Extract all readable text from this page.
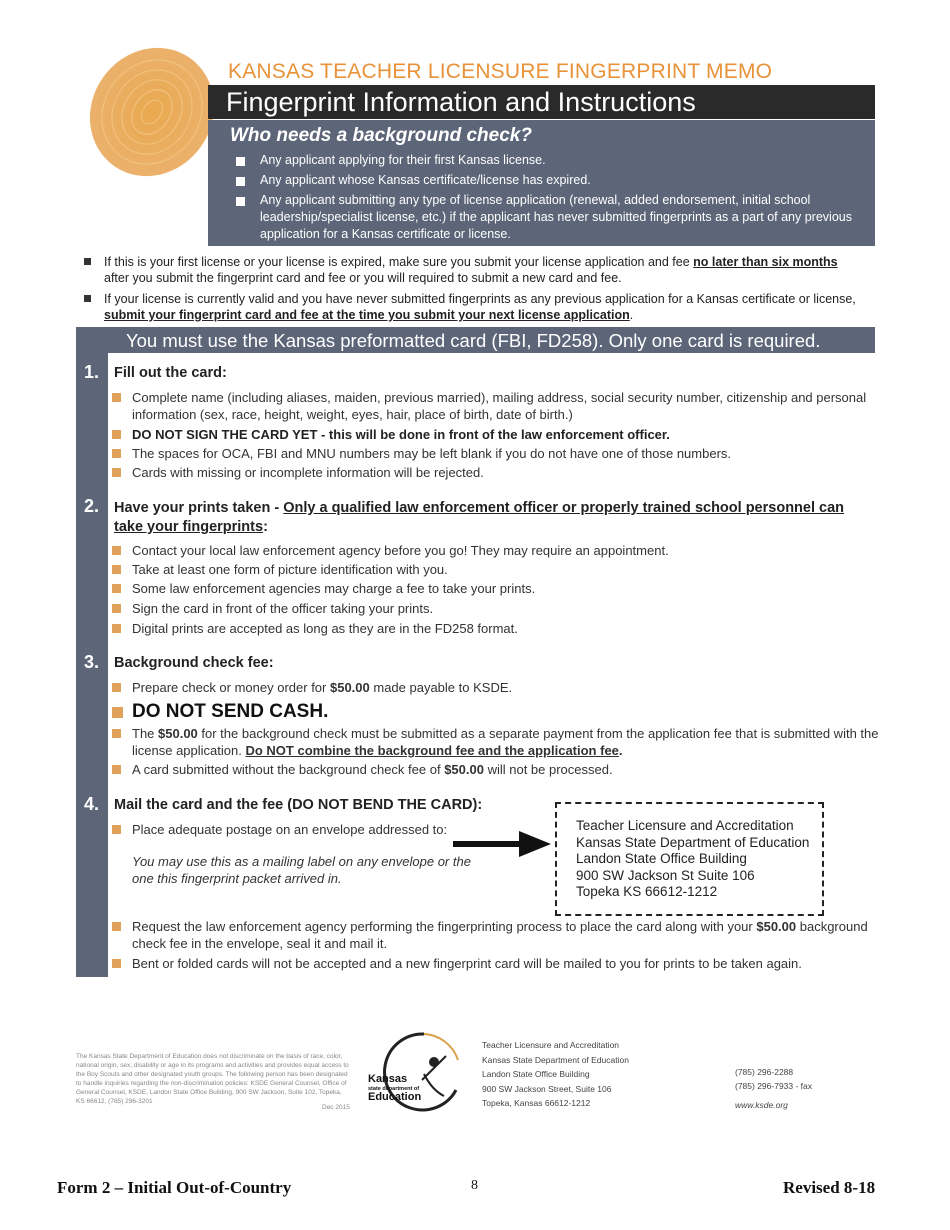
KANSAS TEACHER LICENSURE FINGERPRINT MEMO
Fingerprint Information and Instructions
Who needs a background check?
Any applicant applying for their first Kansas license.
Any applicant whose Kansas certificate/license has expired.
Any applicant submitting any type of license application (renewal, added endorsement, initial school leadership/specialist license, etc.) if the applicant has never submitted fingerprints as a part of any previous application for a Kansas certificate or license.
If this is your first license or your license is expired, make sure you submit your license application and fee no later than six months after you submit the fingerprint card and fee or you will required to submit a new card and fee.
If your license is currently valid and you have never submitted fingerprints as any previous application for a Kansas certificate or license, submit your fingerprint card and fee at the time you submit your next license application.
You must use the Kansas preformatted card (FBI, FD258). Only one card is required.
1.	Fill out the card:
Complete name (including aliases, maiden, previous married), mailing address, social security number, citizenship and personal information (sex, race, height, weight, eyes, hair, place of birth, date of birth.)
DO NOT SIGN THE CARD YET - this will be done in front of the law enforcement officer.
The spaces for OCA, FBI and MNU numbers may be left blank if you do not have one of those numbers.
Cards with missing or incomplete information will be rejected.
2.	Have your prints taken - Only a qualified law enforcement officer or properly trained school personnel can take your fingerprints:
Contact your local law enforcement agency before you go! They may require an appointment.
Take at least one form of picture identification with you.
Some law enforcement agencies may charge a fee to take your prints.
Sign the card in front of the officer taking your prints.
Digital prints are accepted as long as they are in the FD258 format.
3.	Background check fee:
Prepare check or money order for $50.00 made payable to KSDE.
DO NOT SEND CASH.
The $50.00 for the background check must be submitted as a separate payment from the application fee that is submitted with the license application. Do NOT combine the background fee and the application fee.
A card submitted without the background check fee of $50.00 will not be processed.
4.	Mail the card and the fee (DO NOT BEND THE CARD):
Place adequate postage on an envelope addressed to:
You may use this as a mailing label on any envelope or the one this fingerprint packet arrived in.
Teacher Licensure and Accreditation
Kansas State Department of Education
Landon State Office Building
900 SW Jackson St Suite 106
Topeka KS 66612-1212
Request the law enforcement agency performing the fingerprinting process to place the card along with your $50.00 background check fee in the envelope, seal it and mail it.
Bent or folded cards will not be accepted and a new fingerprint card will be mailed to you for prints to be taken again.
The Kansas State Department of Education does not discriminate on the basis of race, color, national origin, sex, disability or age in its programs and activities and provides equal access to the Boy Scouts and other designated youth groups. The following person has been designated to handle inquiries regarding the non-discrimination policies: KSDE General Counsel, Office of General Counsel, KSDE, Landon State Office Building, 900 SW Jackson, Suite 102, Topeka, KS 66612, (785) 296-3201
Dec 2015
Kansas
state department of
Education
Teacher Licensure and Accreditation
Kansas State Department of Education
Landon State Office Building
900 SW Jackson Street, Suite 106
Topeka, Kansas 66612-1212
(785) 296-2288
(785) 296-7933 - fax
www.ksde.org
Form 2 – Initial Out-of-Country	8	Revised 8-18
